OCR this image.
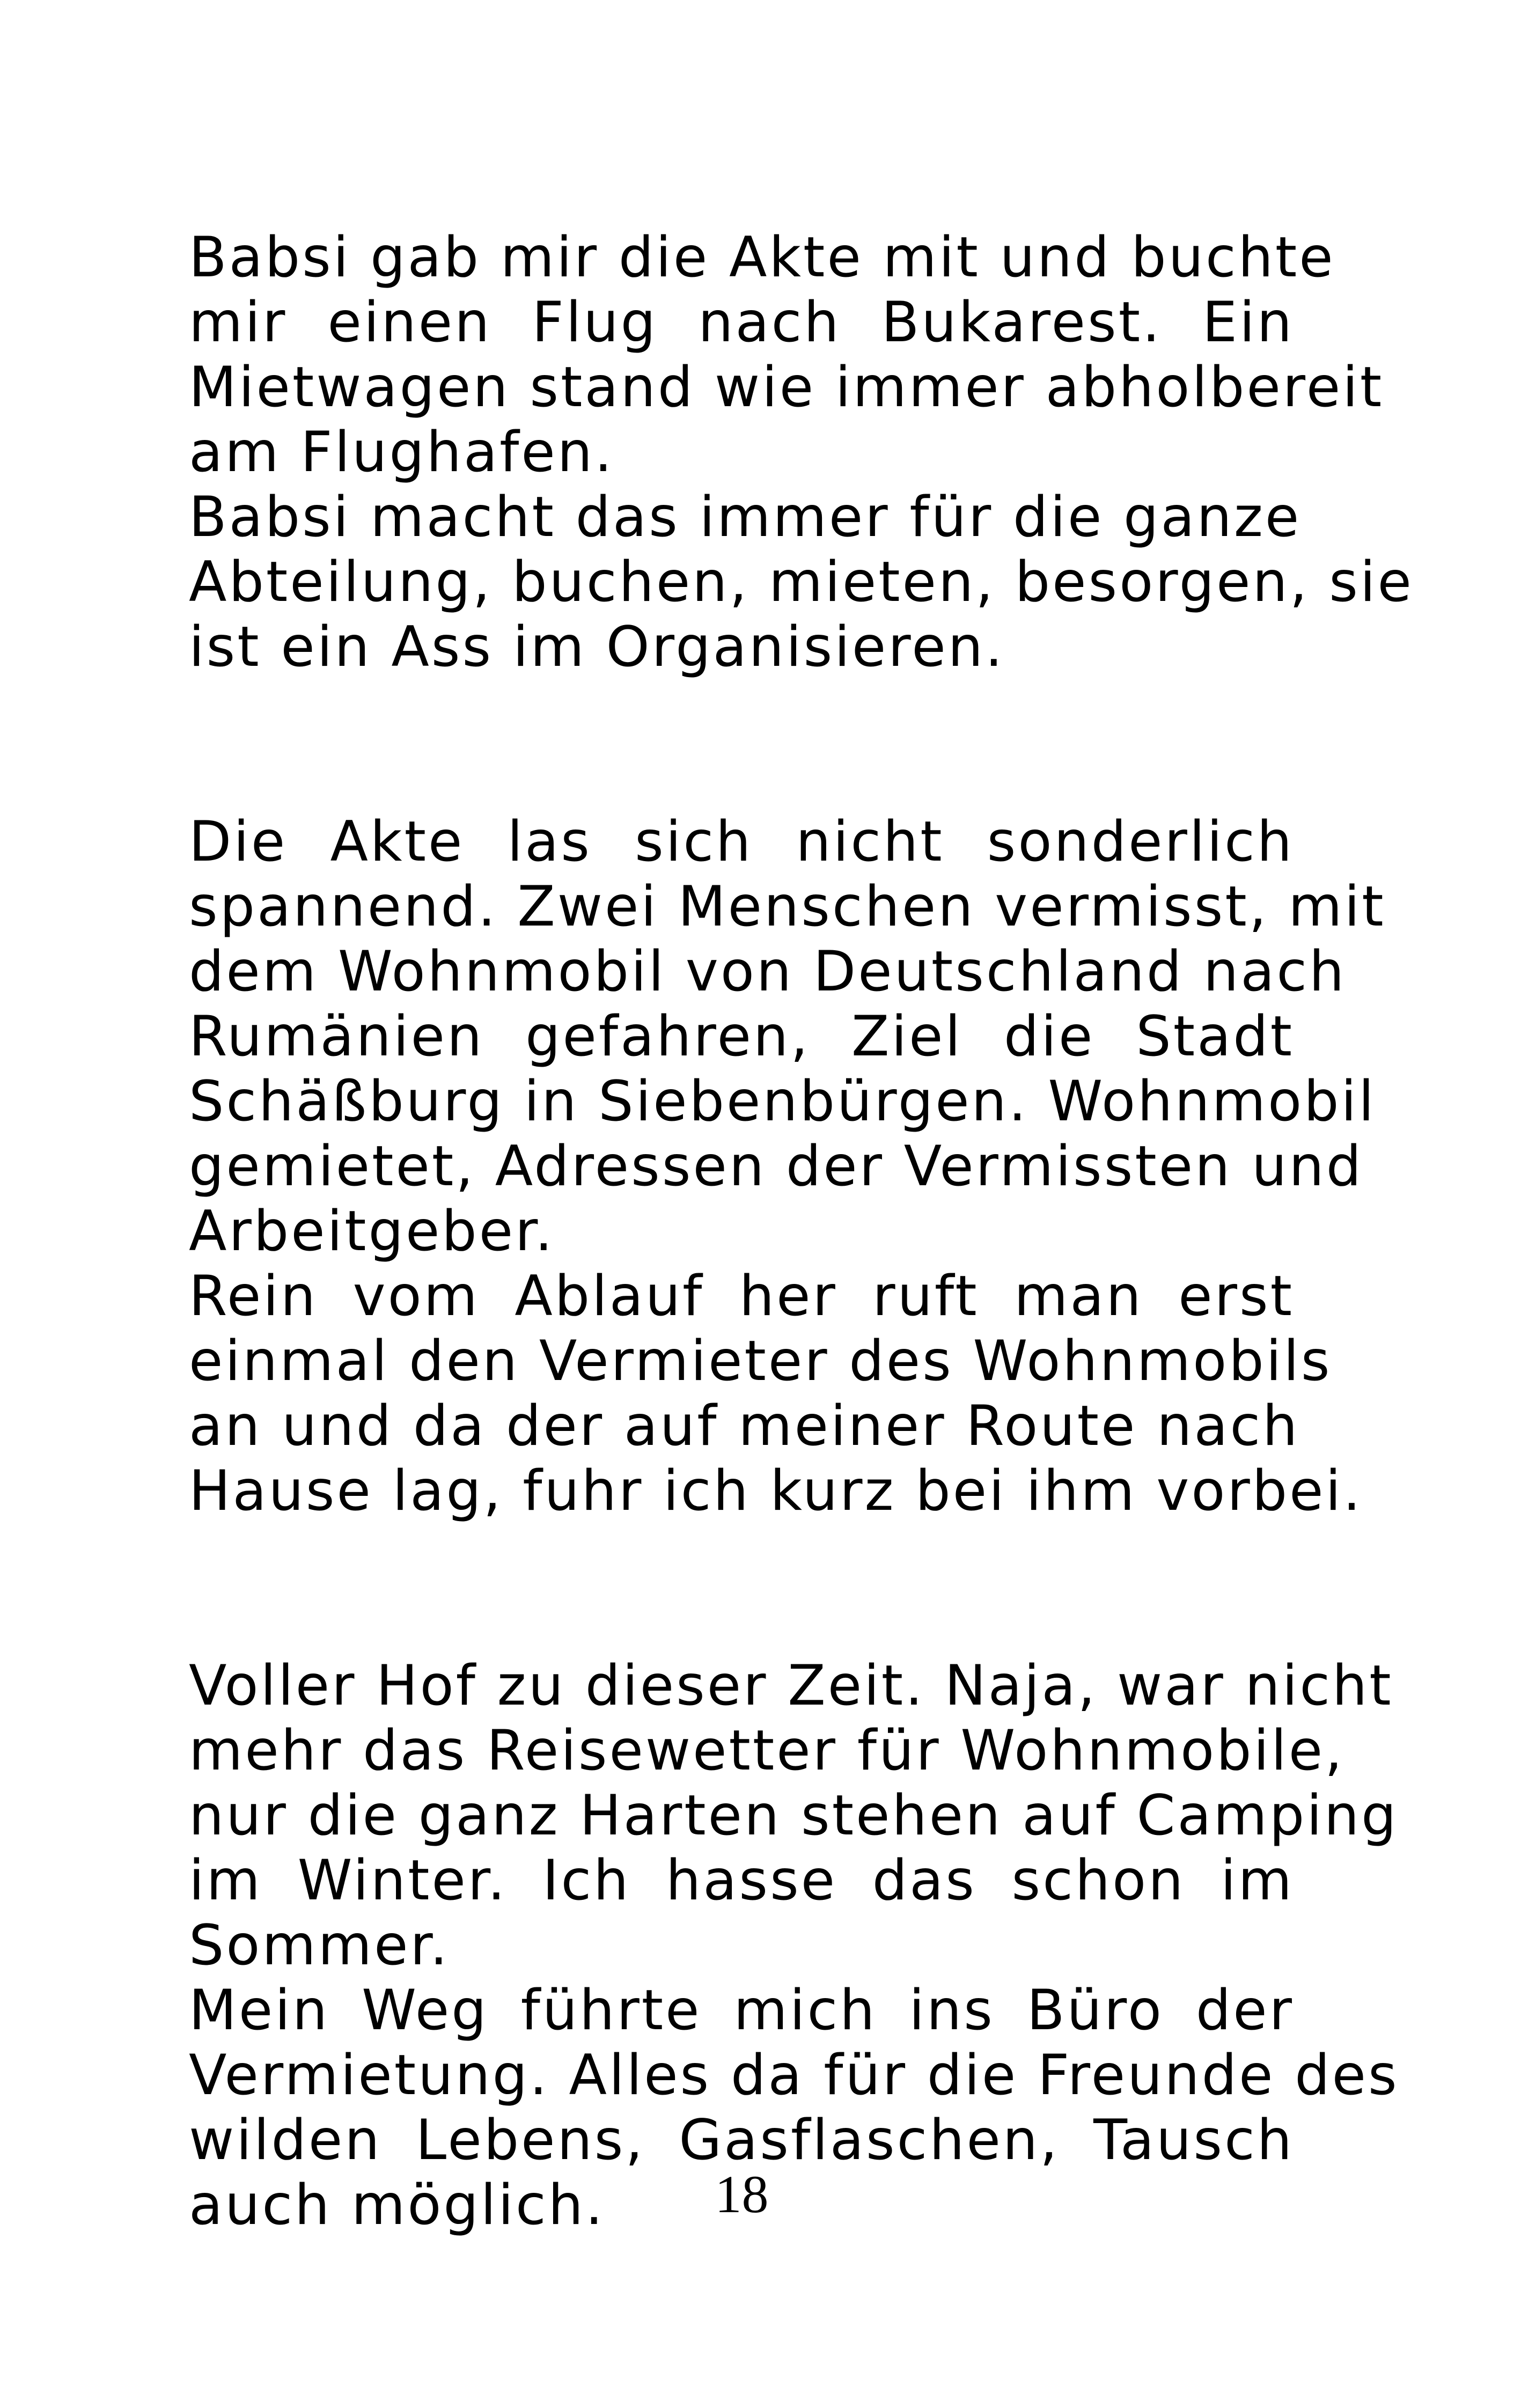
Babsi gab mir die Akte mit und buchte
mir einen Flug nach Bukarest. Ein
Mietwagen stand wie immer abholbereit
am Flughafen.
Babsi macht das immer für die ganze
Abteilung, buchen, mieten, besorgen, sie
ist ein Ass im Organisieren.
Die Akte las sich nicht sonderlich
spannend. Zwei Menschen vermisst, mit
dem Wohnmobil von Deutschland nach
Rumänien gefahren, Ziel die Stadt
Schäßburg in Siebenbürgen. Wohnmobil
gemietet, Adressen der Vermissten und
Arbeitgeber.
Rein vom Ablauf her ruft man erst
einmal den Vermieter des Wohnmobils
an und da der auf meiner Route nach
Hause lag, fuhr ich kurz bei ihm vorbei.
Voller Hof zu dieser Zeit. Naja, war nicht
mehr das Reisewetter für Wohnmobile,
nur die ganz Harten stehen auf Camping
im Winter. Ich hasse das schon im
Sommer.
Mein Weg führte mich ins Büro der
Vermietung. Alles da für die Freunde des
wilden Lebens, Gasflaschen, Tausch
auch möglich.	18
